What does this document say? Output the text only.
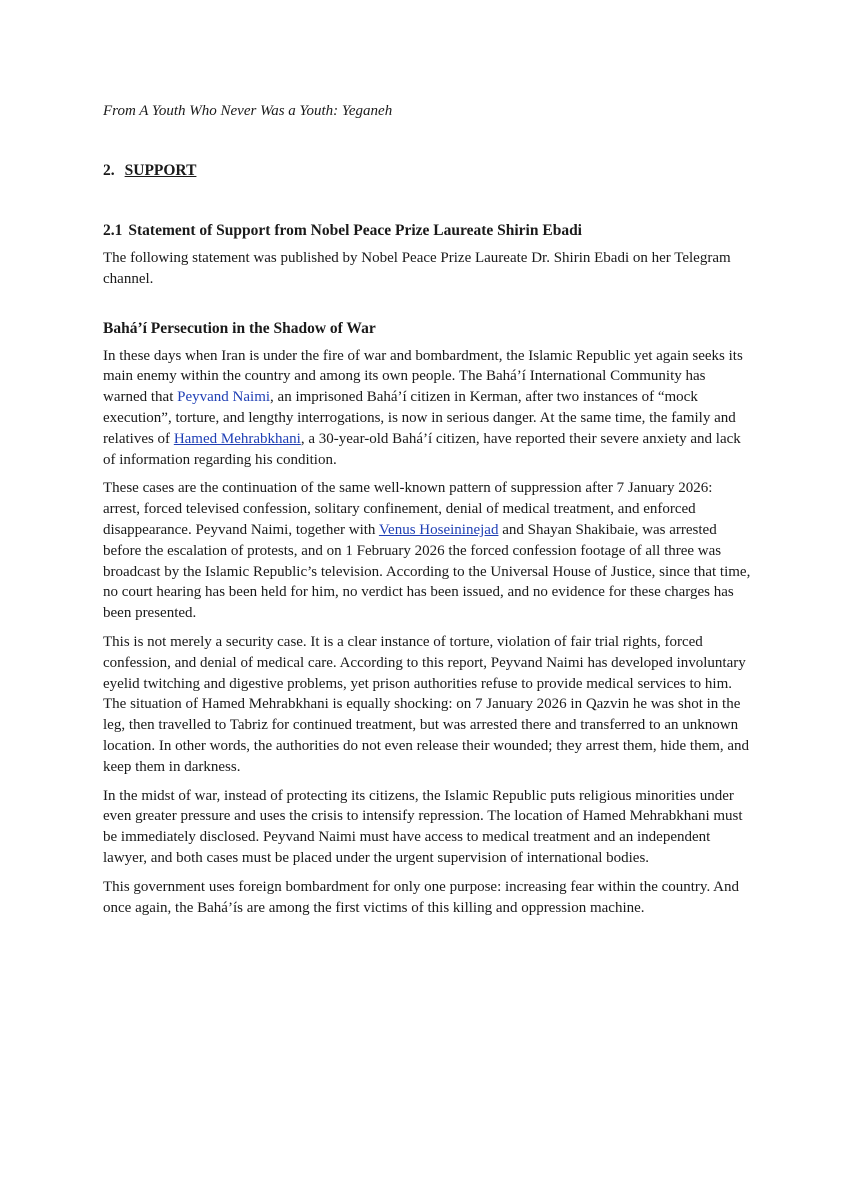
From A Youth Who Never Was a Youth: Yeganeh

2. SUPPORT
2.1 Statement of Support from Nobel Peace Prize Laureate Shirin Ebadi

The following statement was published by Nobel Peace Prize Laureate Dr. Shirin Ebadi on her Telegram channel.

Bahá’í Persecution in the Shadow of War

In these days when Iran is under the fire of war and bombardment, the Islamic Republic yet again seeks its main enemy within the country and among its own people. The Bahá’í International Community has warned that Peyvand Naimi, an imprisoned Bahá’í citizen in Kerman, after two instances of “mock execution”, torture, and lengthy interrogations, is now in serious danger. At the same time, the family and relatives of Hamed Mehrabkhani, a 30-year-old Bahá’í citizen, have reported their severe anxiety and lack of information regarding his condition.

These cases are the continuation of the same well-known pattern of suppression after 7 January 2026: arrest, forced televised confession, solitary confinement, denial of medical treatment, and enforced disappearance. Peyvand Naimi, together with Venus Hoseininejad and Shayan Shakibaie, was arrested before the escalation of protests, and on 1 February 2026 the forced confession footage of all three was broadcast by the Islamic Republic’s television. According to the Universal House of Justice, since that time, no court hearing has been held for him, no verdict has been issued, and no evidence for these charges has been presented.

This is not merely a security case. It is a clear instance of torture, violation of fair trial rights, forced confession, and denial of medical care. According to this report, Peyvand Naimi has developed involuntary eyelid twitching and digestive problems, yet prison authorities refuse to provide medical services to him. The situation of Hamed Mehrabkhani is equally shocking: on 7 January 2026 in Qazvin he was shot in the leg, then travelled to Tabriz for continued treatment, but was arrested there and transferred to an unknown location. In other words, the authorities do not even release their wounded; they arrest them, hide them, and keep them in darkness.

In the midst of war, instead of protecting its citizens, the Islamic Republic puts religious minorities under even greater pressure and uses the crisis to intensify repression. The location of Hamed Mehrabkhani must be immediately disclosed. Peyvand Naimi must have access to medical treatment and an independent lawyer, and both cases must be placed under the urgent supervision of international bodies.

This government uses foreign bombardment for only one purpose: increasing fear within the country. And once again, the Bahá’ís are among the first victims of this killing and oppression machine.
